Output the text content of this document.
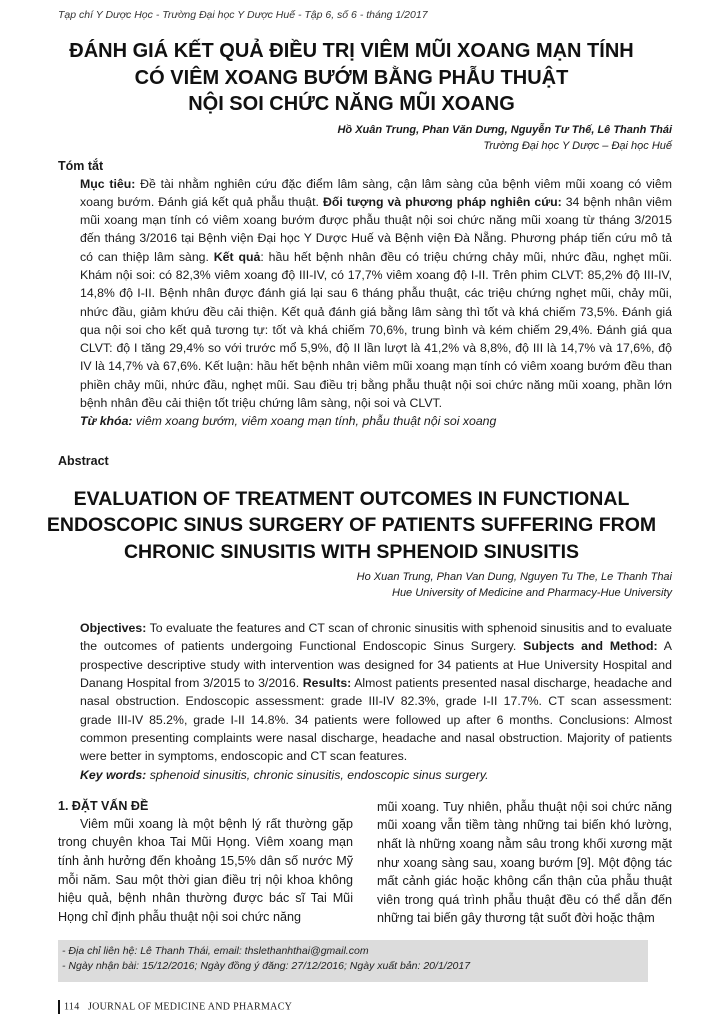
Tạp chí Y Dược Học - Trường Đại học Y Dược Huế - Tập 6, số 6 - tháng 1/2017
ĐÁNH GIÁ KẾT QUẢ ĐIỀU TRỊ VIÊM MŨI XOANG MẠN TÍNH
CÓ VIÊM XOANG BƯỚM BẰNG PHẪU THUẬT
NỘI SOI CHỨC NĂNG MŨI XOANG
Hồ Xuân Trung, Phan Văn Dưng, Nguyễn Tư Thế, Lê Thanh Thái
Trường Đại học Y Dược – Đại học Huế
Tóm tắt

Mục tiêu: Đề tài nhằm nghiên cứu đặc điểm lâm sàng, cận lâm sàng của bệnh viêm mũi xoang có viêm xoang bướm. Đánh giá kết quả phẫu thuật. Đối tượng và phương pháp nghiên cứu: 34 bệnh nhân viêm mũi xoang mạn tính có viêm xoang bướm được phẫu thuật nội soi chức năng mũi xoang từ tháng 3/2015 đến tháng 3/2016 tại Bệnh viện Đại học Y Dược Huế và Bệnh viện Đà Nẵng. Phương pháp tiến cứu mô tả có can thiệp lâm sàng. Kết quả: hầu hết bệnh nhân đều có triệu chứng chảy mũi, nhức đầu, nghẹt mũi. Khám nội soi: có 82,3% viêm xoang độ III-IV, có 17,7% viêm xoang độ I-II. Trên phim CLVT: 85,2% độ III-IV, 14,8% độ I-II. Bệnh nhân được đánh giá lại sau 6 tháng phẫu thuật, các triệu chứng nghẹt mũi, chảy mũi, nhức đầu, giảm khứu đều cải thiện. Kết quả đánh giá bằng lâm sàng thì tốt và khá chiếm 73,5%. Đánh giá qua nội soi cho kết quả tương tự: tốt và khá chiếm 70,6%, trung bình và kém chiếm 29,4%. Đánh giá qua CLVT: độ I tăng 29,4% so với trước mổ 5,9%, độ II lần lượt là 41,2% và 8,8%, độ III là 14,7% và 17,6%, độ IV là 14,7% và 67,6%. Kết luận: hầu hết bệnh nhân viêm mũi xoang mạn tính có viêm xoang bướm đều than phiền chảy mũi, nhức đầu, nghẹt mũi. Sau điều trị bằng phẫu thuật nội soi chức năng mũi xoang, phần lớn bệnh nhân đều cải thiện tốt triệu chứng lâm sàng, nội soi và CLVT.

Từ khóa: viêm xoang bướm, viêm xoang mạn tính, phẫu thuật nội soi xoang

Abstract
EVALUATION OF TREATMENT OUTCOMES IN FUNCTIONAL
ENDOSCOPIC SINUS SURGERY OF PATIENTS SUFFERING FROM
CHRONIC SINUSITIS WITH SPHENOID SINUSITIS
Ho Xuan Trung, Phan Van Dung, Nguyen Tu The, Le Thanh Thai
Hue University of Medicine and Pharmacy-Hue University

Objectives: To evaluate the features and CT scan of chronic sinusitis with sphenoid sinusitis and to evaluate the outcomes of patients undergoing Functional Endoscopic Sinus Surgery. Subjects and Method: A prospective descriptive study with intervention was designed for 34 patients at Hue University Hospital and Danang Hospital from 3/2015 to 3/2016. Results: Almost patients presented nasal discharge, headache and nasal obstruction. Endoscopic assessment: grade III-IV 82.3%, grade I-II 17.7%. CT scan assessment: grade III-IV 85.2%, grade I-II 14.8%. 34 patients were followed up after 6 months. Conclusions: Almost common presenting complaints were nasal discharge, headache and nasal obstruction. Majority of patients were better in symptoms, endoscopic and CT scan features.

Key words: sphenoid sinusitis, chronic sinusitis, endoscopic sinus surgery.

1. ĐẶT VẤN ĐỀ
Viêm mũi xoang là một bệnh lý rất thường gặp trong chuyên khoa Tai Mũi Họng. Viêm xoang mạn tính ảnh hưởng đến khoảng 15,5% dân số nước Mỹ mỗi năm. Sau một thời gian điều trị nội khoa không hiệu quả, bệnh nhân thường được bác sĩ Tai Mũi Họng chỉ định phẫu thuật nội soi chức năng
mũi xoang. Tuy nhiên, phẫu thuật nội soi chức năng mũi xoang vẫn tiềm tàng những tai biến khó lường, nhất là những xoang nằm sâu trong khối xương mặt như xoang sàng sau, xoang bướm [9]. Một động tác mất cảnh giác hoặc không cẩn thận của phẫu thuật viên trong quá trình phẫu thuật đều có thể dẫn đến những tai biến gây thương tật suốt đời hoặc thậm
- Địa chỉ liên hệ: Lê Thanh Thái, email: thslethanhthai@gmail.com
- Ngày nhận bài: 15/12/2016; Ngày đồng ý đăng: 27/12/2016; Ngày xuất bản: 20/1/2017
114 JOURNAL OF MEDICINE AND PHARMACY
